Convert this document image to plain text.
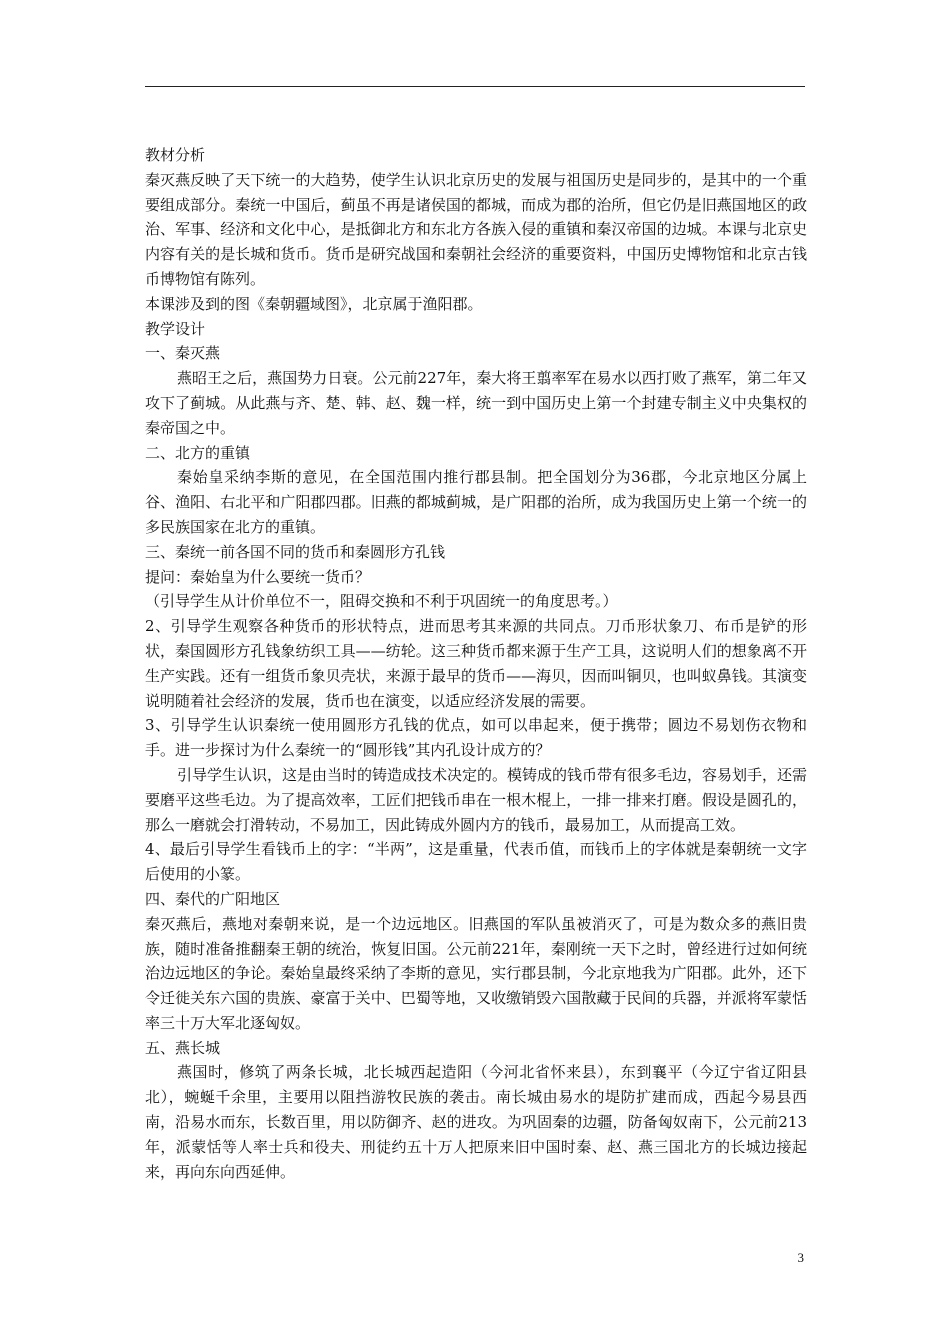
教材分析

秦灭燕反映了天下统一的大趋势，使学生认识北京历史的发展与祖国历史是同步的，是其中的一个重要组成部分。秦统一中国后，蓟虽不再是诸侯国的都城，而成为郡的治所，但它仍是旧燕国地区的政治、军事、经济和文化中心，是抵御北方和东北方各族入侵的重镇和秦汉帝国的边城。本课与北京史内容有关的是长城和货币。货币是研究战国和秦朝社会经济的重要资料，中国历史博物馆和北京古钱币博物馆有陈列。

本课涉及到的图《秦朝疆域图》，北京属于渔阳郡。

教学设计

一、秦灭燕

燕昭王之后，燕国势力日衰。公元前227年，秦大将王翦率军在易水以西打败了燕军，第二年又攻下了蓟城。从此燕与齐、楚、韩、赵、魏一样，统一到中国历史上第一个封建专制主义中央集权的秦帝国之中。

二、北方的重镇

秦始皇采纳李斯的意见，在全国范围内推行郡县制。把全国划分为36郡，今北京地区分属上谷、渔阳、右北平和广阳郡四郡。旧燕的都城蓟城，是广阳郡的治所，成为我国历史上第一个统一的多民族国家在北方的重镇。

三、秦统一前各国不同的货币和秦圆形方孔钱

提问：秦始皇为什么要统一货币？

（引导学生从计价单位不一，阻碍交换和不利于巩固统一的角度思考。）

2、引导学生观察各种货币的形状特点，进而思考其来源的共同点。刀币形状象刀、布币是铲的形状，秦国圆形方孔钱象纺织工具——纺轮。这三种货币都来源于生产工具，这说明人们的想象离不开生产实践。还有一组货币象贝壳状，来源于最早的货币——海贝，因而叫铜贝，也叫蚁鼻钱。其演变说明随着社会经济的发展，货币也在演变，以适应经济发展的需要。

3、引导学生认识秦统一使用圆形方孔钱的优点，如可以串起来，便于携带；圆边不易划伤衣物和手。进一步探讨为什么秦统一的“圆形钱”其内孔设计成方的？

引导学生认识，这是由当时的铸造成技术决定的。模铸成的钱币带有很多毛边，容易划手，还需要磨平这些毛边。为了提高效率，工匠们把钱币串在一根木棍上，一排一排来打磨。假设是圆孔的，那么一磨就会打滑转动，不易加工，因此铸成外圆内方的钱币，最易加工，从而提高工效。

4、最后引导学生看钱币上的字：“半两”，这是重量，代表币值，而钱币上的字体就是秦朝统一文字后使用的小篆。

四、秦代的广阳地区

秦灭燕后，燕地对秦朝来说，是一个边远地区。旧燕国的军队虽被消灭了，可是为数众多的燕旧贵族，随时准备推翻秦王朝的统治，恢复旧国。公元前221年，秦刚统一天下之时，曾经进行过如何统治边远地区的争论。秦始皇最终采纳了李斯的意见，实行郡县制，今北京地我为广阳郡。此外，还下令迁徙关东六国的贵族、豪富于关中、巴蜀等地，又收缴销毁六国散藏于民间的兵器，并派将军蒙恬率三十万大军北逐匈奴。

五、燕长城

燕国时，修筑了两条长城，北长城西起造阳（今河北省怀来县），东到襄平（今辽宁省辽阳县北），蜿蜒千余里，主要用以阻挡游牧民族的袭击。南长城由易水的堤防扩建而成，西起今易县西南，沿易水而东，长数百里，用以防御齐、赵的进攻。为巩固秦的边疆，防备匈奴南下，公元前213年，派蒙恬等人率士兵和役夫、刑徒约五十万人把原来旧中国时秦、赵、燕三国北方的长城边接起来，再向东向西延伸。

3
